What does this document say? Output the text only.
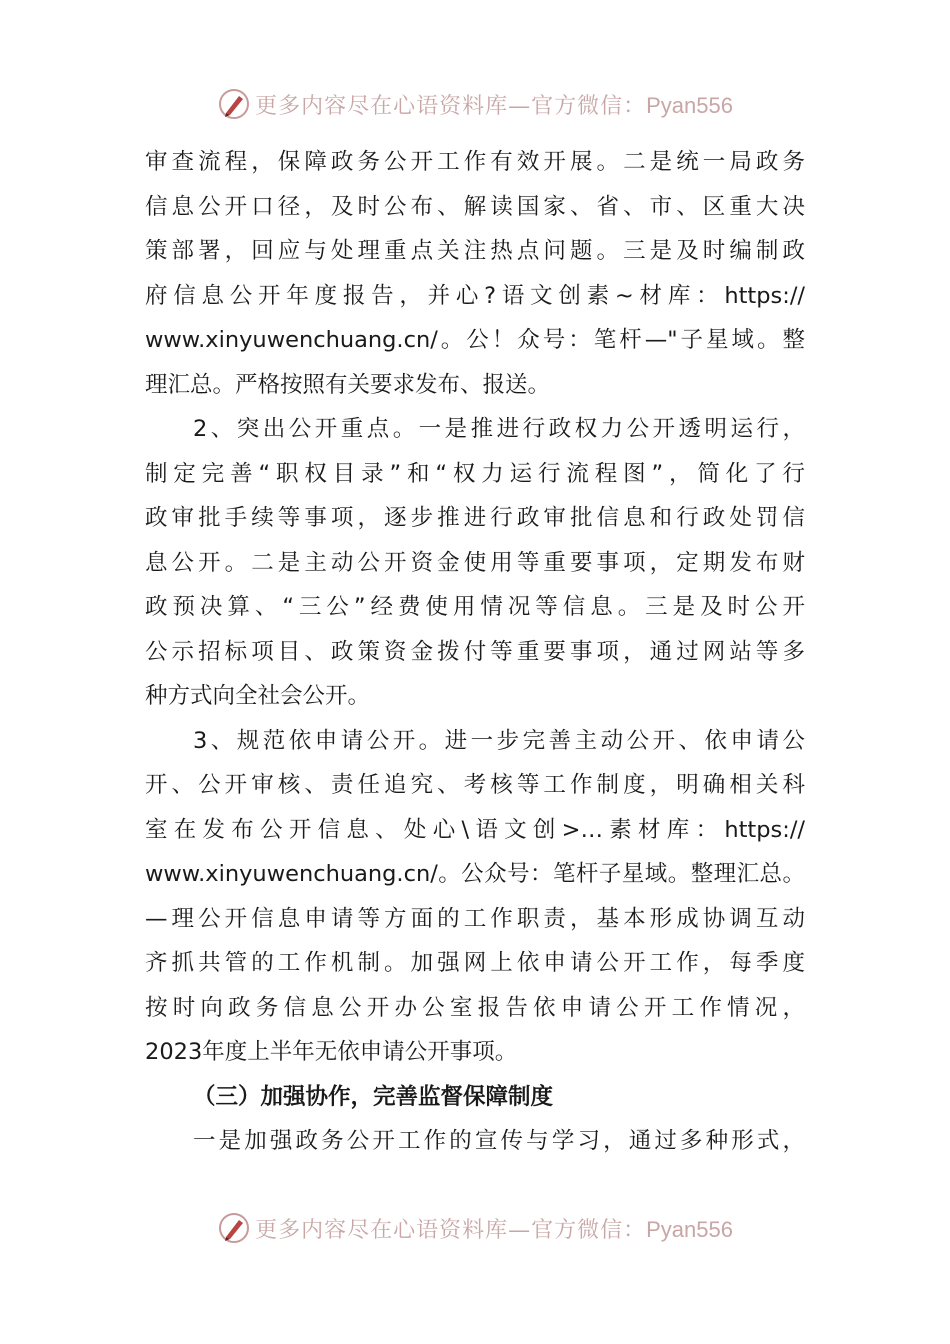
更多内容尽在心语资料库—官方微信：Pyan556
审查流程，保障政务公开工作有效开展。二是统一局政务
信息公开口径，及时公布、解读国家、省、市、区重大决
策部署，回应与处理重点关注热点问题。三是及时编制政
府信息公开年度报告，并心?语文创素~材库：https://
www.xinyuwenchuang.cn/。公！众号：笔杆—"子星域。整
理汇总。严格按照有关要求发布、报送。
2、突出公开重点。一是推进行政权力公开透明运行，
制定完善“职权目录”和“权力运行流程图”，简化了行
政审批手续等事项，逐步推进行政审批信息和行政处罚信
息公开。二是主动公开资金使用等重要事项，定期发布财
政预决算、“三公”经费使用情况等信息。三是及时公开
公示招标项目、政策资金拨付等重要事项，通过网站等多
种方式向全社会公开。
3、规范依申请公开。进一步完善主动公开、依申请公
开、公开审核、责任追究、考核等工作制度，明确相关科
室在发布公开信息、处心\语文创>…素材库：https://
www.xinyuwenchuang.cn/。公众号：笔杆子星域。整理汇总。
—理公开信息申请等方面的工作职责，基本形成协调互动
齐抓共管的工作机制。加强网上依申请公开工作，每季度
按时向政务信息公开办公室报告依申请公开工作情况，
2023年度上半年无依申请公开事项。
（三）加强协作，完善监督保障制度
一是加强政务公开工作的宣传与学习，通过多种形式，
更多内容尽在心语资料库—官方微信：Pyan556
